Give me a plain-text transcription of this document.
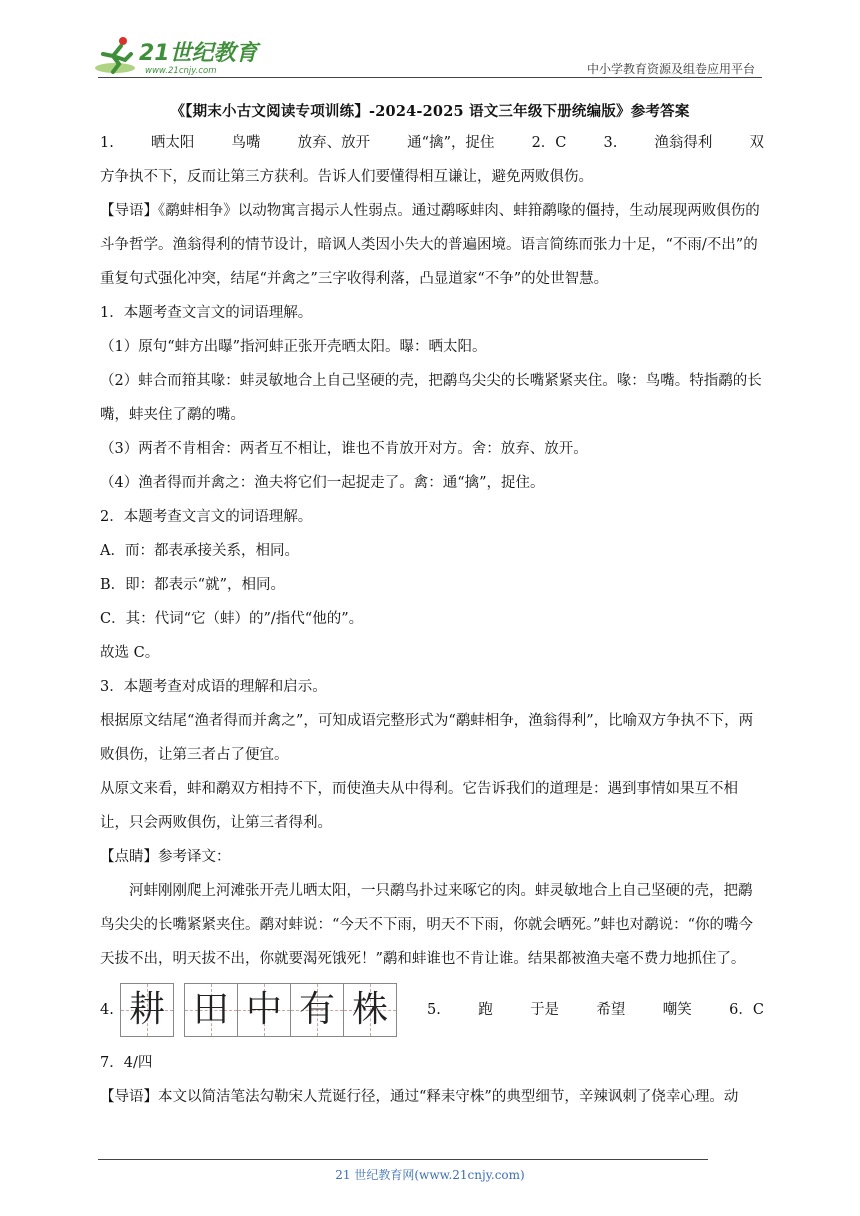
21世纪教育
www.21cnjy.com	中小学教育资源及组卷应用平台
《【期末小古文阅读专项训练】-2024-2025 语文三年级下册统编版》参考答案
1.	晒太阳	鸟嘴	放弃、放开	通“擒”，捉住	2．C	3.	渔翁得利	双

方争执不下，反而让第三方获利。告诉人们要懂得相互谦让，避免两败俱伤。

【导语】《鹬蚌相争》以动物寓言揭示人性弱点。通过鹬啄蚌肉、蚌箝鹬喙的僵持，生动展现两败俱伤的斗争哲学。渔翁得利的情节设计，暗讽人类因小失大的普遍困境。语言简练而张力十足，“不雨/不出”的重复句式强化冲突，结尾“并禽之”三字收得利落，凸显道家“不争”的处世智慧。

1．本题考查文言文的词语理解。

（1）原句“蚌方出曝”指河蚌正张开壳晒太阳。曝：晒太阳。

（2）蚌合而箝其喙：蚌灵敏地合上自己坚硬的壳，把鹬鸟尖尖的长嘴紧紧夹住。喙：鸟嘴。特指鹬的长嘴，蚌夹住了鹬的嘴。

（3）两者不肯相舍：两者互不相让，谁也不肯放开对方。舍：放弃、放开。

（4）渔者得而并禽之：渔夫将它们一起捉走了。禽：通“擒”，捉住。

2．本题考查文言文的词语理解。

A．而：都表承接关系，相同。

B．即：都表示“就”，相同。

C．其：代词“它（蚌）的”/指代“他的”。

故选 C。

3．本题考查对成语的理解和启示。

根据原文结尾“渔者得而并禽之”，可知成语完整形式为“鹬蚌相争，渔翁得利”，比喻双方争执不下，两败俱伤，让第三者占了便宜。

从原文来看，蚌和鹬双方相持不下，而使渔夫从中得利。它告诉我们的道理是：遇到事情如果互不相让，只会两败俱伤，让第三者得利。

【点睛】参考译文：

河蚌刚刚爬上河滩张开壳儿晒太阳，一只鹬鸟扑过来啄它的肉。蚌灵敏地合上自己坚硬的壳，把鹬鸟尖尖的长嘴紧紧夹住。鹬对蚌说：“今天不下雨，明天不下雨，你就会晒死。”蚌也对鹬说：“你的嘴今天拔不出，明天拔不出，你就要渴死饿死！”鹬和蚌谁也不肯让谁。结果都被渔夫毫不费力地抓住了。

4. 耕 田 中 有 株	5.	跑	于是	希望	嘲笑	6．C

7．4/四

【导语】本文以简洁笔法勾勒宋人荒诞行径，通过“释耒守株”的典型细节，辛辣讽刺了侥幸心理。动

21 世纪教育网(www.21cnjy.com)
